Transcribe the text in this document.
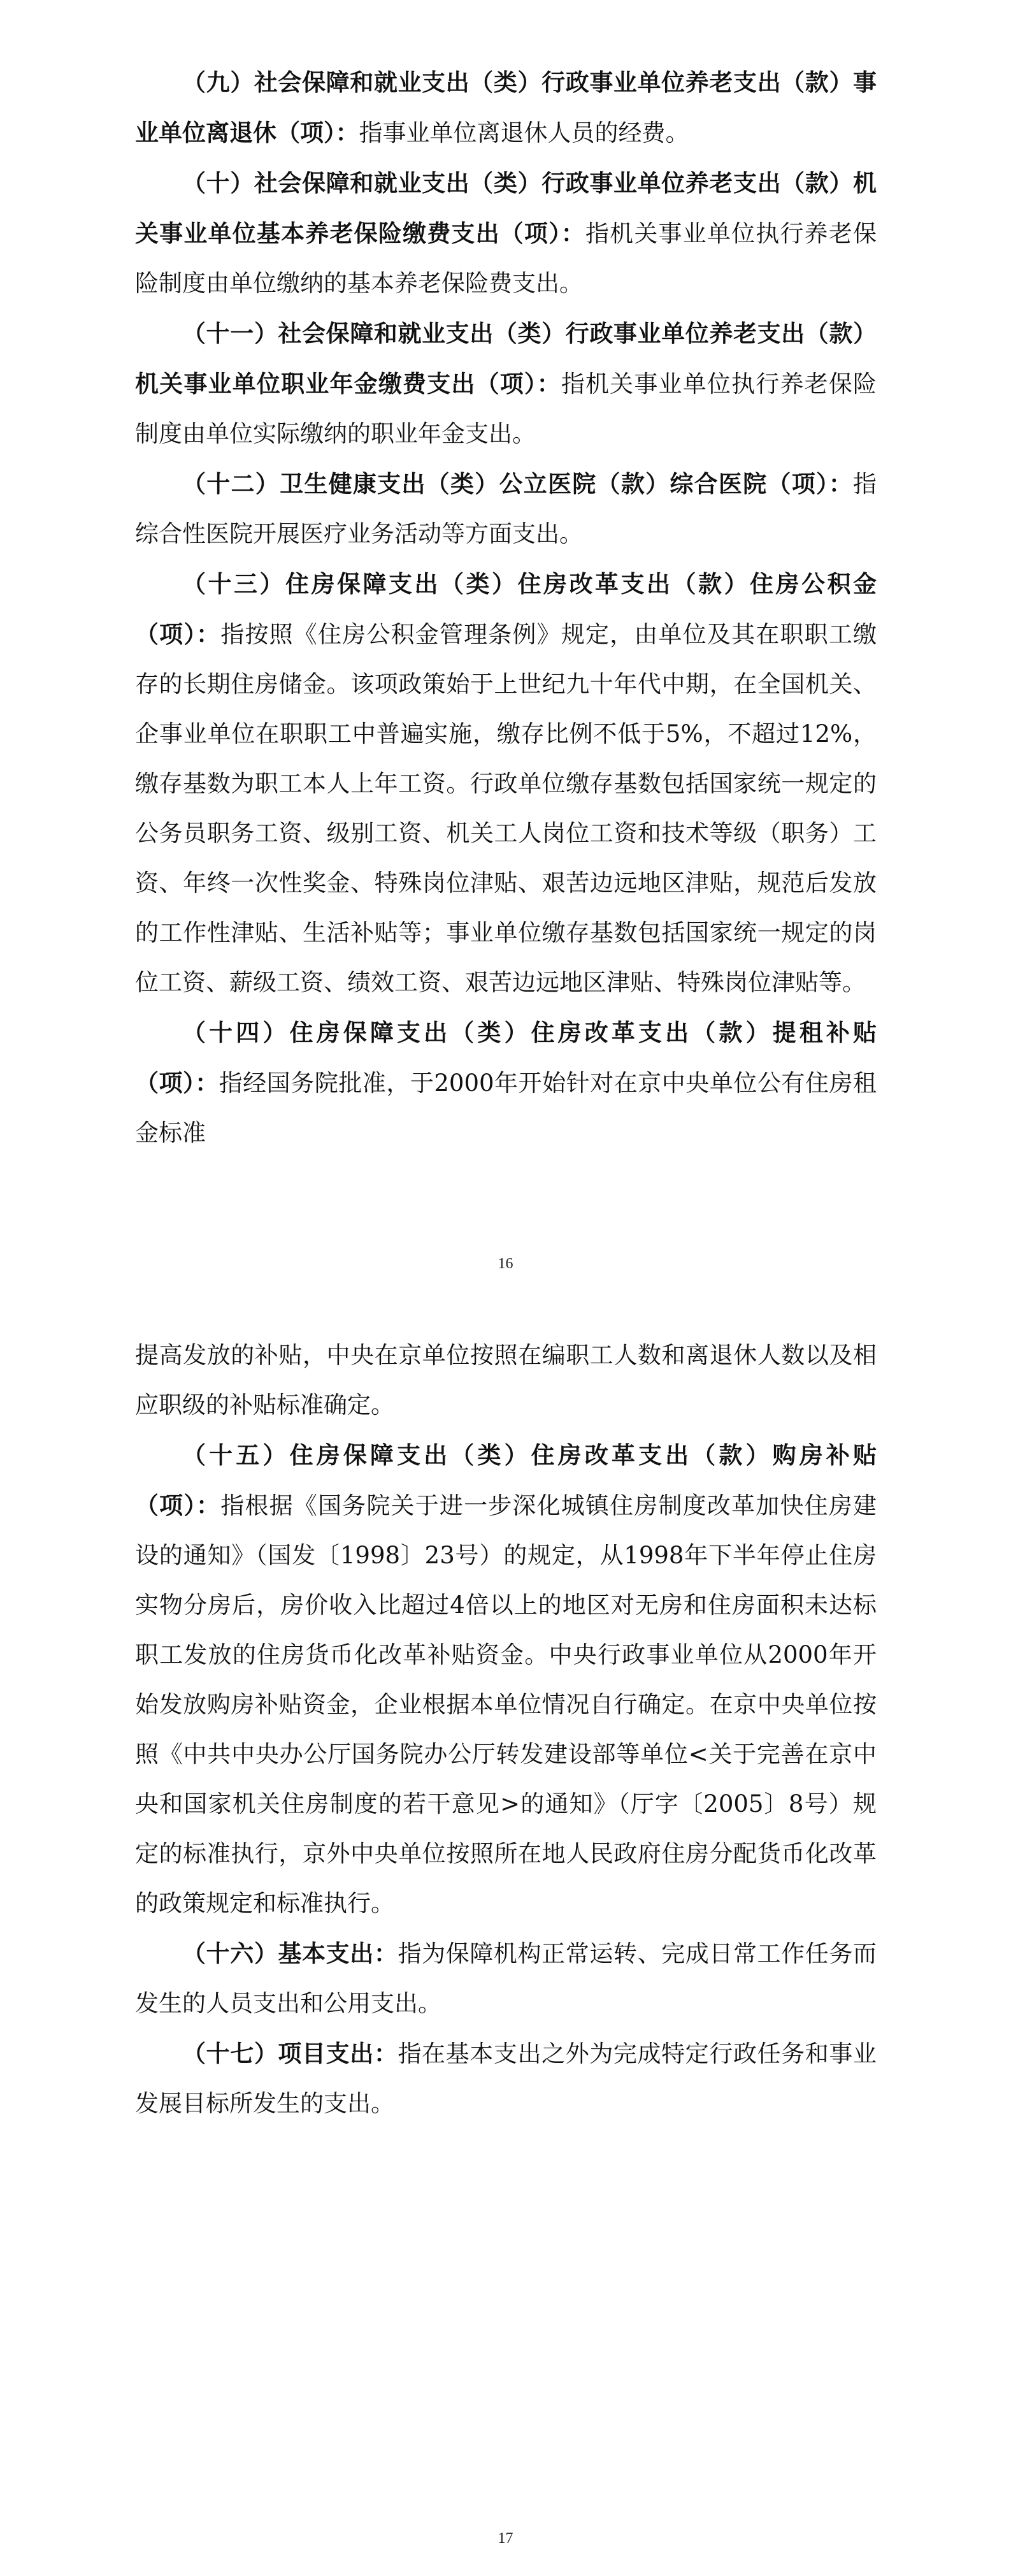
（九）社会保障和就业支出（类）行政事业单位养老支出（款）事业单位离退休（项）：指事业单位离退休人员的经费。

（十）社会保障和就业支出（类）行政事业单位养老支出（款）机关事业单位基本养老保险缴费支出（项）：指机关事业单位执行养老保险制度由单位缴纳的基本养老保险费支出。

（十一）社会保障和就业支出（类）行政事业单位养老支出（款）机关事业单位职业年金缴费支出（项）：指机关事业单位执行养老保险制度由单位实际缴纳的职业年金支出。

（十二）卫生健康支出（类）公立医院（款）综合医院（项）：指综合性医院开展医疗业务活动等方面支出。

（十三）住房保障支出（类）住房改革支出（款）住房公积金（项）：指按照《住房公积金管理条例》规定，由单位及其在职职工缴存的长期住房储金。该项政策始于上世纪九十年代中期，在全国机关、企事业单位在职职工中普遍实施，缴存比例不低于5%，不超过12%，缴存基数为职工本人上年工资。行政单位缴存基数包括国家统一规定的公务员职务工资、级别工资、机关工人岗位工资和技术等级（职务）工资、年终一次性奖金、特殊岗位津贴、艰苦边远地区津贴，规范后发放的工作性津贴、生活补贴等；事业单位缴存基数包括国家统一规定的岗位工资、薪级工资、绩效工资、艰苦边远地区津贴、特殊岗位津贴等。

（十四）住房保障支出（类）住房改革支出（款）提租补贴（项）：指经国务院批准，于2000年开始针对在京中央单位公有住房租金标准

16

提高发放的补贴，中央在京单位按照在编职工人数和离退休人数以及相应职级的补贴标准确定。

（十五）住房保障支出（类）住房改革支出（款）购房补贴（项）：指根据《国务院关于进一步深化城镇住房制度改革加快住房建设的通知》（国发〔1998〕23号）的规定，从1998年下半年停止住房实物分房后，房价收入比超过4倍以上的地区对无房和住房面积未达标职工发放的住房货币化改革补贴资金。中央行政事业单位从2000年开始发放购房补贴资金，企业根据本单位情况自行确定。在京中央单位按照《中共中央办公厅国务院办公厅转发建设部等单位<关于完善在京中央和国家机关住房制度的若干意见>的通知》（厅字〔2005〕8号）规定的标准执行，京外中央单位按照所在地人民政府住房分配货币化改革的政策规定和标准执行。

（十六）基本支出：指为保障机构正常运转、完成日常工作任务而发生的人员支出和公用支出。

（十七）项目支出：指在基本支出之外为完成特定行政任务和事业发展目标所发生的支出。

17
